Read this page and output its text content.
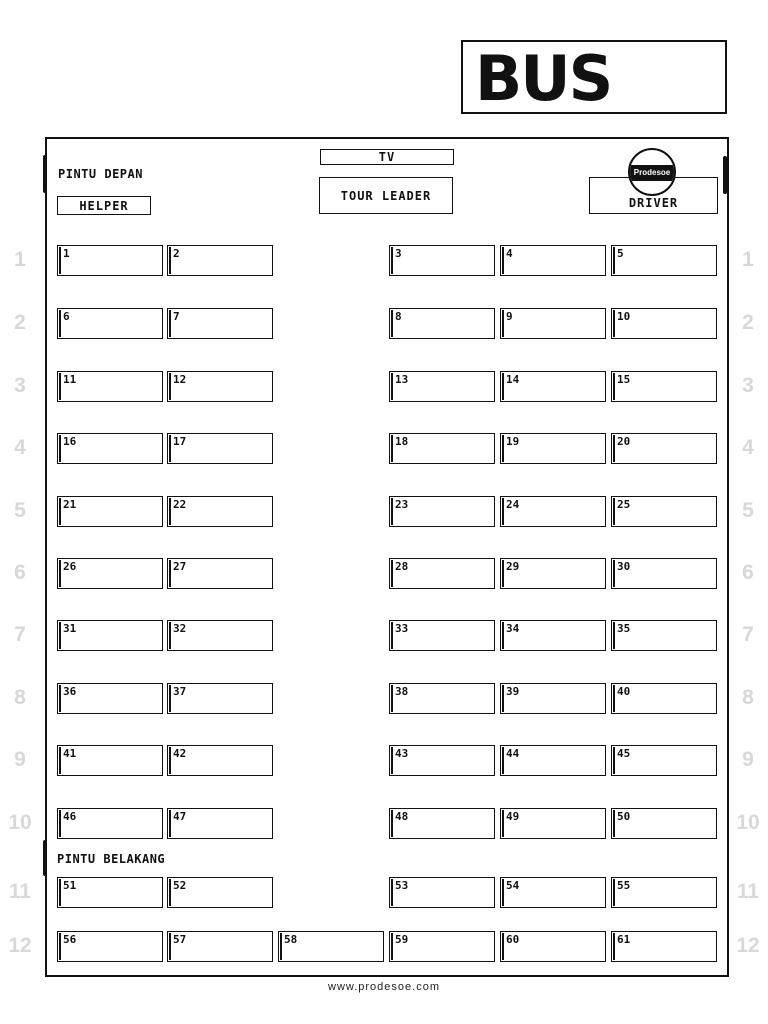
BUS
PINTU DEPAN
HELPER
TV
TOUR LEADER	DRIVER
Prodesoe
PINTU BELAKANG
1	2	3	4	5
6	7	8	9	10
11	12	13	14	15
16	17	18	19	20
21	22	23	24	25
26	27	28	29	30
31	32	33	34	35
36	37	38	39	40
41	42	43	44	45
46	47	48	49	50
51	52	53	54	55
56	57	58	59	60	61
1	1
2	2
3	3
4	4
5	5
6	6
7	7
8	8
9	9
10	10
11	11
12	12
www.prodesoe.com
